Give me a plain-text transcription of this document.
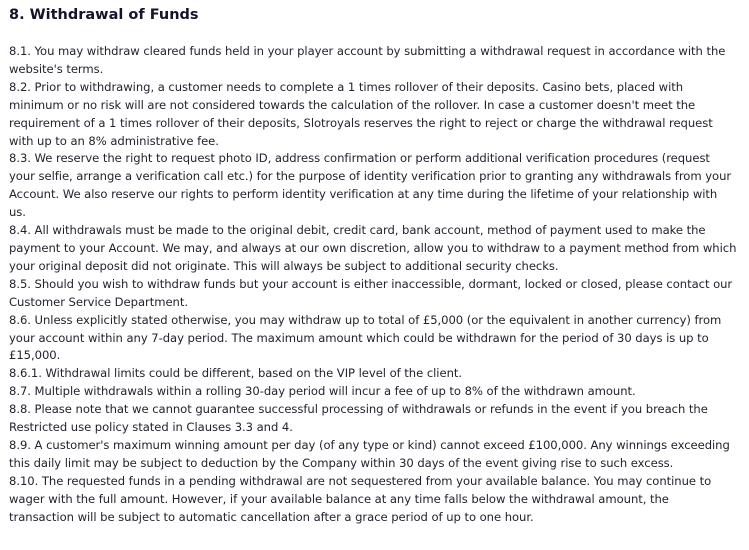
8. Withdrawal of Funds

8.1. You may withdraw cleared funds held in your player account by submitting a withdrawal request in accordance with the website's terms.

8.2. Prior to withdrawing, a customer needs to complete a 1 times rollover of their deposits. Casino bets, placed with minimum or no risk will are not considered towards the calculation of the rollover. In case a customer doesn't meet the requirement of a 1 times rollover of their deposits, Slotroyals reserves the right to reject or charge the withdrawal request with up to an 8% administrative fee.

8.3. We reserve the right to request photo ID, address confirmation or perform additional verification procedures (request your selfie, arrange a verification call etc.) for the purpose of identity verification prior to granting any withdrawals from your Account. We also reserve our rights to perform identity verification at any time during the lifetime of your relationship with us.

8.4. All withdrawals must be made to the original debit, credit card, bank account, method of payment used to make the payment to your Account. We may, and always at our own discretion, allow you to withdraw to a payment method from which your original deposit did not originate. This will always be subject to additional security checks.

8.5. Should you wish to withdraw funds but your account is either inaccessible, dormant, locked or closed, please contact our Customer Service Department.

8.6. Unless explicitly stated otherwise, you may withdraw up to total of £5,000 (or the equivalent in another currency) from your account within any 7-day period. The maximum amount which could be withdrawn for the period of 30 days is up to £15,000.

8.6.1. Withdrawal limits could be different, based on the VIP level of the client.

8.7. Multiple withdrawals within a rolling 30-day period will incur a fee of up to 8% of the withdrawn amount.

8.8. Please note that we cannot guarantee successful processing of withdrawals or refunds in the event if you breach the Restricted use policy stated in Clauses 3.3 and 4.

8.9. A customer's maximum winning amount per day (of any type or kind) cannot exceed £100,000. Any winnings exceeding this daily limit may be subject to deduction by the Company within 30 days of the event giving rise to such excess.

8.10. The requested funds in a pending withdrawal are not sequestered from your available balance. You may continue to wager with the full amount. However, if your available balance at any time falls below the withdrawal amount, the transaction will be subject to automatic cancellation after a grace period of up to one hour.
